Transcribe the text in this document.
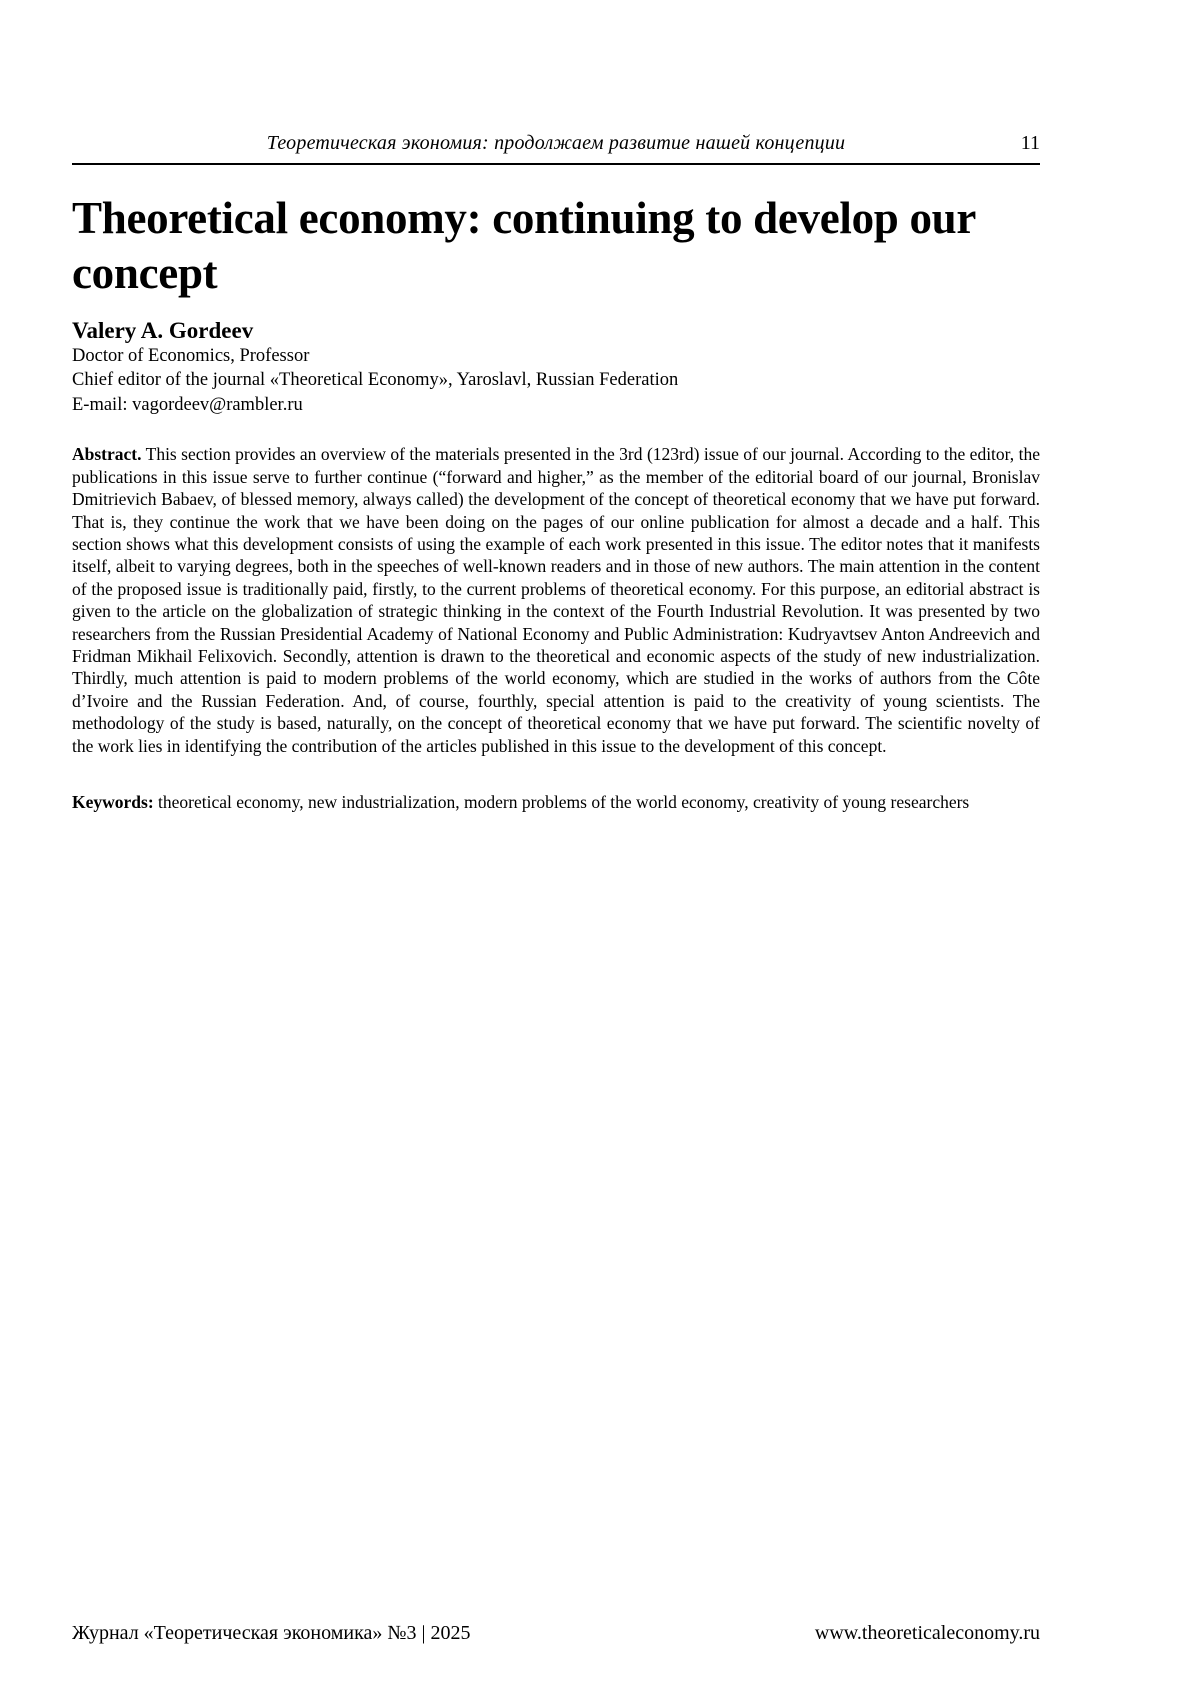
Теоретическая экономия: продолжаем развитие нашей концепции	11
Theoretical economy: continuing to develop our concept
Valery A. Gordeev
Doctor of Economics, Professor
Chief editor of the journal «Theoretical Economy», Yaroslavl, Russian Federation
E-mail: vagordeev@rambler.ru

Abstract. This section provides an overview of the materials presented in the 3rd (123rd) issue of our journal. According to the editor, the publications in this issue serve to further continue (“forward and higher,” as the member of the editorial board of our journal, Bronislav Dmitrievich Babaev, of blessed memory, always called) the development of the concept of theoretical economy that we have put forward. That is, they continue the work that we have been doing on the pages of our online publication for almost a decade and a half. This section shows what this development consists of using the example of each work presented in this issue. The editor notes that it manifests itself, albeit to varying degrees, both in the speeches of well-known readers and in those of new authors. The main attention in the content of the proposed issue is traditionally paid, firstly, to the current problems of theoretical economy. For this purpose, an editorial abstract is given to the article on the globalization of strategic thinking in the context of the Fourth Industrial Revolution. It was presented by two researchers from the Russian Presidential Academy of National Economy and Public Administration: Kudryavtsev Anton Andreevich and Fridman Mikhail Felixovich. Secondly, attention is drawn to the theoretical and economic aspects of the study of new industrialization. Thirdly, much attention is paid to modern problems of the world economy, which are studied in the works of authors from the Côte d’Ivoire and the Russian Federation. And, of course, fourthly, special attention is paid to the creativity of young scientists. The methodology of the study is based, naturally, on the concept of theoretical economy that we have put forward. The scientific novelty of the work lies in identifying the contribution of the articles published in this issue to the development of this concept.

Keywords: theoretical economy, new industrialization, modern problems of the world economy, creativity of young researchers

Журнал «Теоретическая экономика» №3 | 2025	www.theoreticaleconomy.ru
